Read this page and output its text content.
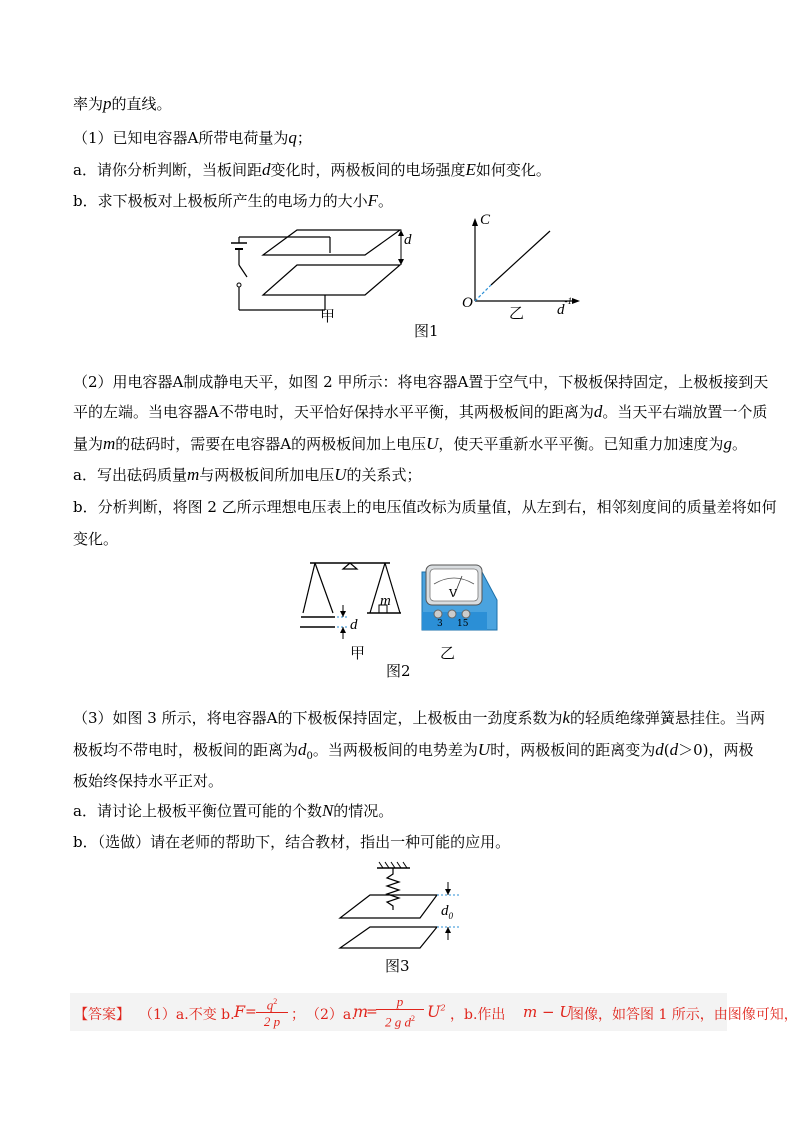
率为p的直线。
（1）已知电容器A所带电荷量为q；
a．请你分析判断，当板间距d变化时，两极板间的电场强度E如何变化。
b．求下极板对上极板所产生的电场力的大小F。
d
甲
C
O
乙 $d^{-1}$
图1
（2）用电容器A制成静电天平，如图 2 甲所示：将电容器A置于空气中，下极板保持固定，上极板接到天
平的左端。当电容器A不带电时，天平恰好保持水平平衡，其两极板间的距离为d。当天平右端放置一个质
量为m的砝码时，需要在电容器A的两极板间加上电压U，使天平重新水平平衡。已知重力加速度为g。
a．写出砝码质量m与两极板间所加电压U的关系式；
b．分析判断，将图 2 乙所示理想电压表上的电压值改标为质量值，从左到右，相邻刻度间的质量差将如何
变化。
m
d
甲
V
3 15
乙
图2
（3）如图 3 所示，将电容器A的下极板保持固定，上极板由一劲度系数为k的轻质绝缘弹簧悬挂住。当两
极板均不带电时，极板间的距离为$d_0$。当两极板间的电势差为U时，两极板间的距离变为d(d＞0)，两极
板始终保持水平正对。
a．请讨论上极板平衡位置可能的个数N的情况。
b．（选做）请在老师的帮助下，结合教材，指出一种可能的应用。
$d_0$
图3
【答案】 （1）a.不变 b. $F = \frac{q^2}{2 p}$ ； （2）a.
m
=
$\frac{p}{2 g d^2} U^2$ ，b.作出 m − U
图像，如答图 1 所示，由图像可知，
